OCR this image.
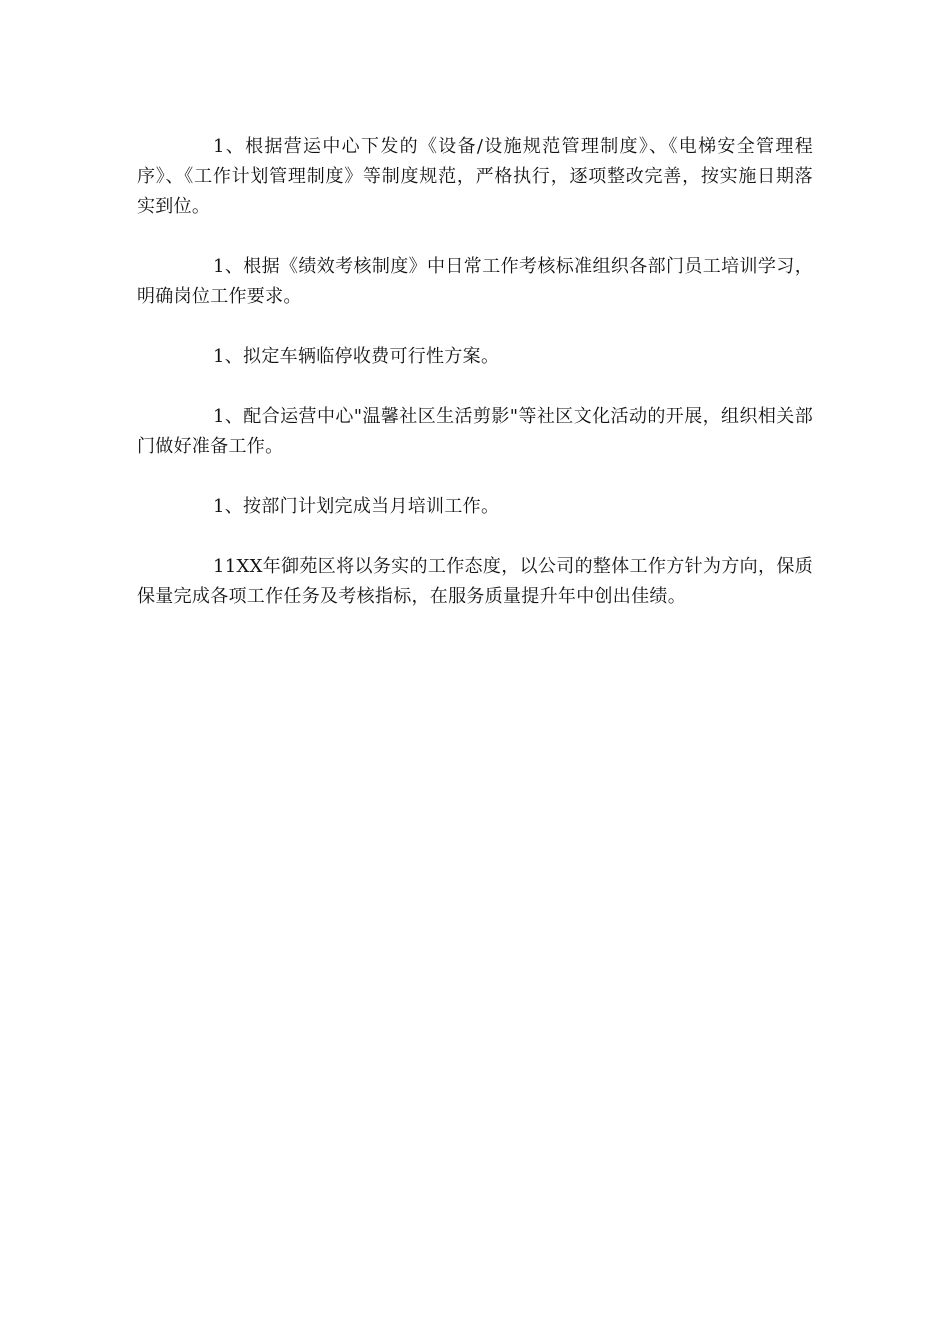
1、根据营运中心下发的《设备/设施规范管理制度》、《电梯安全管理程序》、《工作计划管理制度》等制度规范，严格执行，逐项整改完善，按实施日期落实到位。

1、根据《绩效考核制度》中日常工作考核标准组织各部门员工培训学习，明确岗位工作要求。

1、拟定车辆临停收费可行性方案。

1、配合运营中心"温馨社区生活剪影"等社区文化活动的开展，组织相关部门做好准备工作。

1、按部门计划完成当月培训工作。

11XX年御苑区将以务实的工作态度，以公司的整体工作方针为方向，保质保量完成各项工作任务及考核指标，在服务质量提升年中创出佳绩。
